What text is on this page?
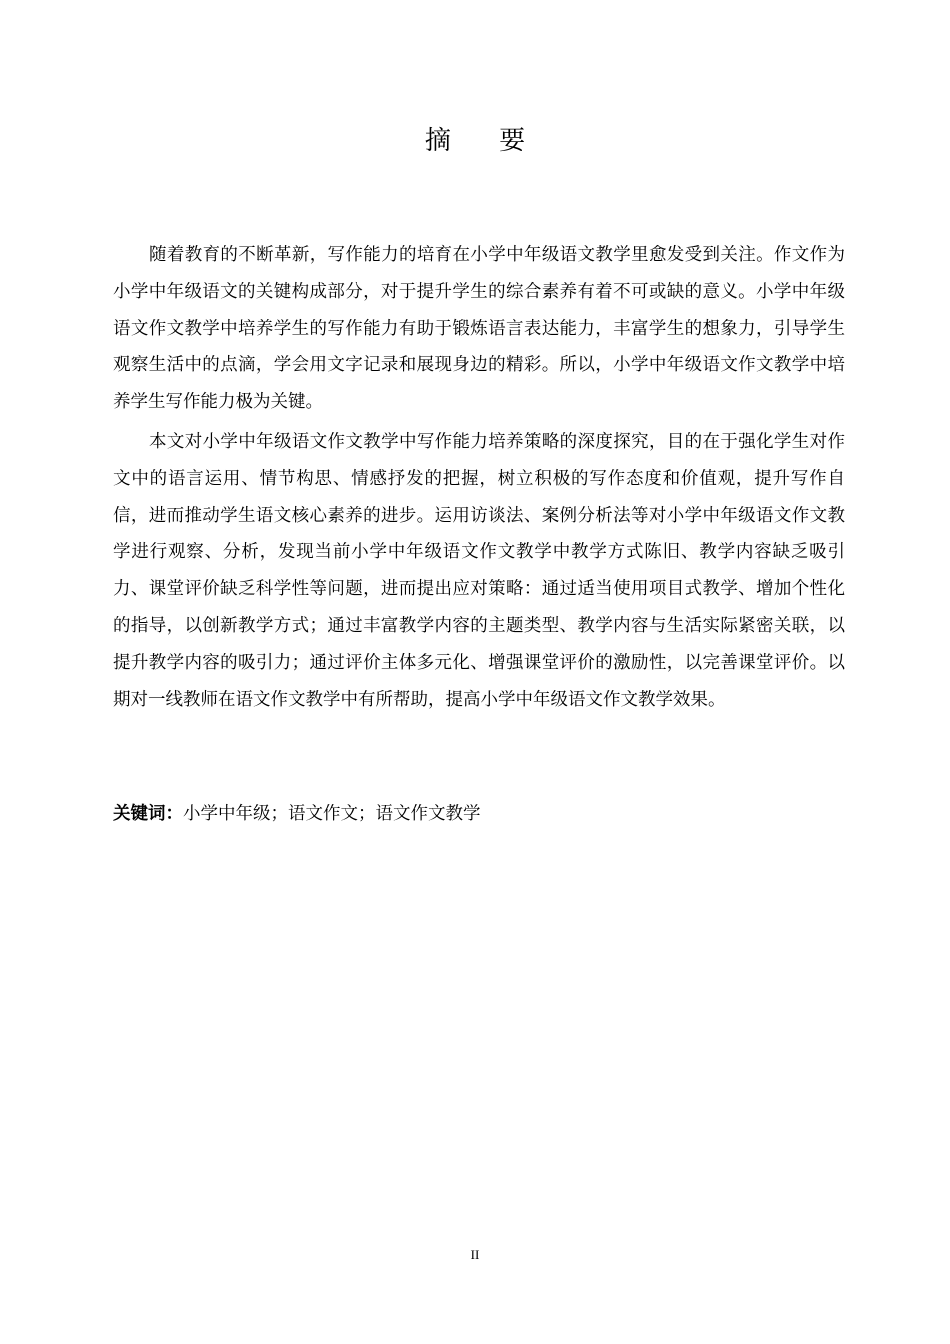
摘 要

随着教育的不断革新，写作能力的培育在小学中年级语文教学里愈发受到关注。作文作为小学中年级语文的关键构成部分，对于提升学生的综合素养有着不可或缺的意义。小学中年级语文作文教学中培养学生的写作能力有助于锻炼语言表达能力，丰富学生的想象力，引导学生观察生活中的点滴，学会用文字记录和展现身边的精彩。所以，小学中年级语文作文教学中培养学生写作能力极为关键。

本文对小学中年级语文作文教学中写作能力培养策略的深度探究，目的在于强化学生对作文中的语言运用、情节构思、情感抒发的把握，树立积极的写作态度和价值观，提升写作自信，进而推动学生语文核心素养的进步。运用访谈法、案例分析法等对小学中年级语文作文教学进行观察、分析，发现当前小学中年级语文作文教学中教学方式陈旧、教学内容缺乏吸引力、课堂评价缺乏科学性等问题，进而提出应对策略：通过适当使用项目式教学、增加个性化的指导，以创新教学方式；通过丰富教学内容的主题类型、教学内容与生活实际紧密关联，以提升教学内容的吸引力；通过评价主体多元化、增强课堂评价的激励性，以完善课堂评价。以期对一线教师在语文作文教学中有所帮助，提高小学中年级语文作文教学效果。

关键词：小学中年级；语文作文；语文作文教学
II
